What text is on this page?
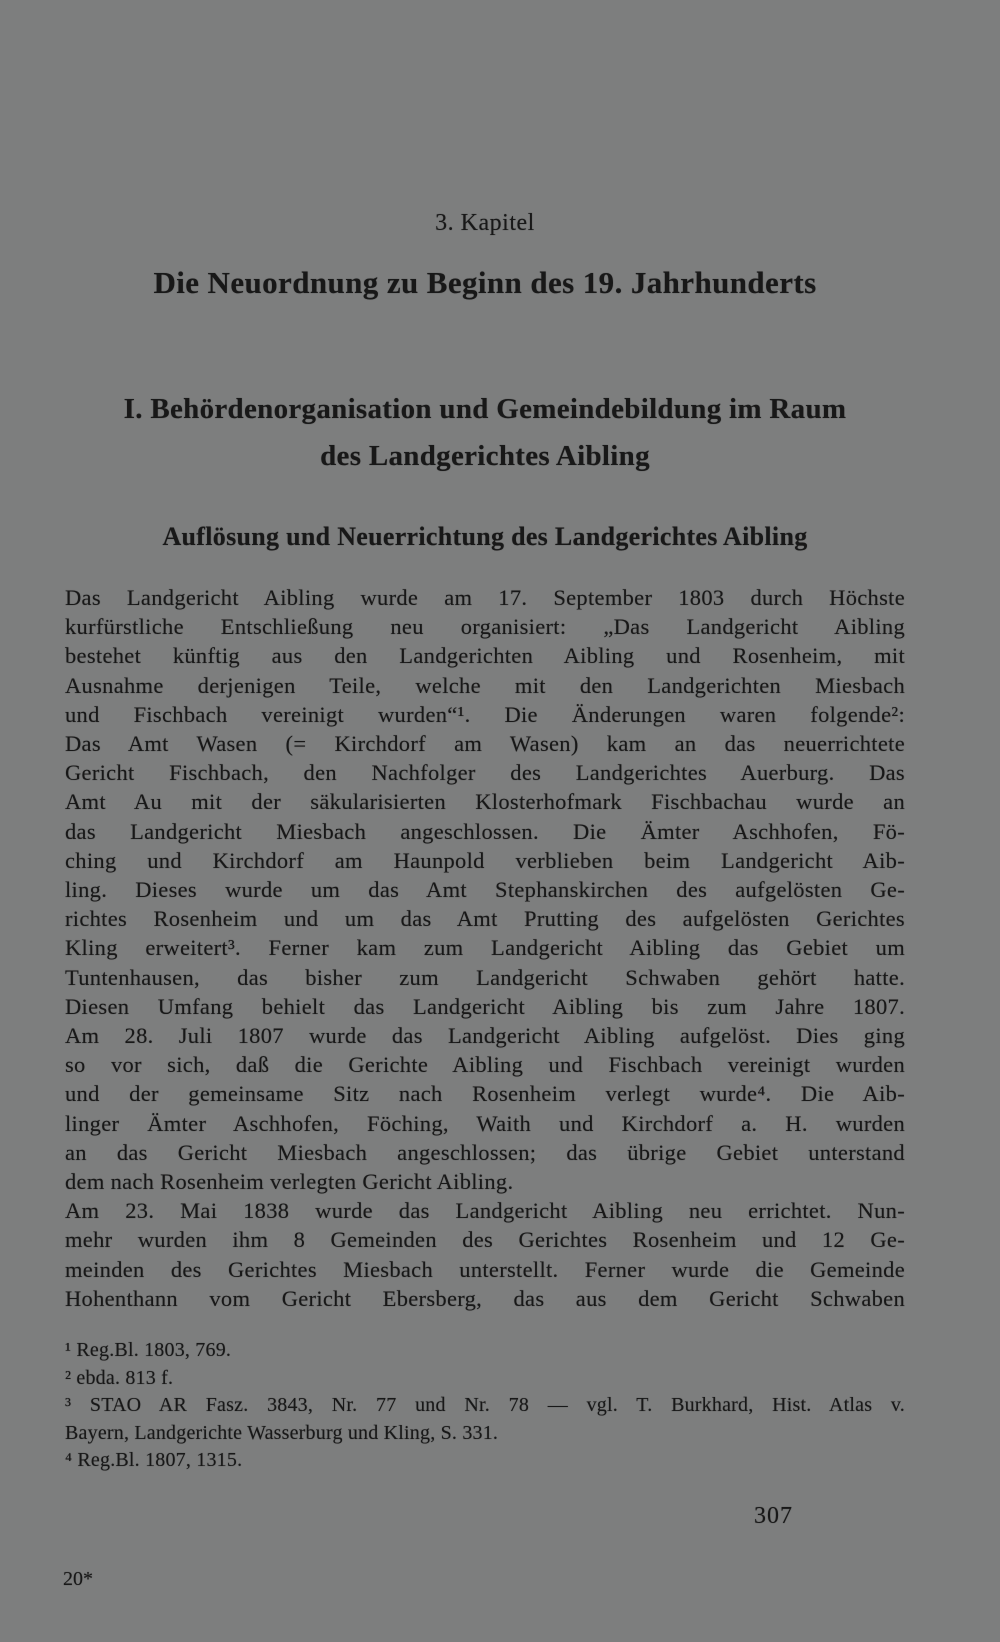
3. Kapitel
Die Neuordnung zu Beginn des 19. Jahrhunderts
I. Behördenorganisation und Gemeindebildung im Raum
des Landgerichtes Aibling
Auflösung und Neuerrichtung des Landgerichtes Aibling
Das Landgericht Aibling wurde am 17. September 1803 durch Höchste
kurfürstliche Entschließung neu organisiert: „Das Landgericht Aibling
bestehet künftig aus den Landgerichten Aibling und Rosenheim, mit
Ausnahme derjenigen Teile, welche mit den Landgerichten Miesbach
und Fischbach vereinigt wurden“¹. Die Änderungen waren folgende²:
Das Amt Wasen (= Kirchdorf am Wasen) kam an das neuerrichtete
Gericht Fischbach, den Nachfolger des Landgerichtes Auerburg. Das
Amt Au mit der säkularisierten Klosterhofmark Fischbachau wurde an
das Landgericht Miesbach angeschlossen. Die Ämter Aschhofen, Fö-
ching und Kirchdorf am Haunpold verblieben beim Landgericht Aib-
ling. Dieses wurde um das Amt Stephanskirchen des aufgelösten Ge-
richtes Rosenheim und um das Amt Prutting des aufgelösten Gerichtes
Kling erweitert³. Ferner kam zum Landgericht Aibling das Gebiet um
Tuntenhausen, das bisher zum Landgericht Schwaben gehört hatte.
Diesen Umfang behielt das Landgericht Aibling bis zum Jahre 1807.
Am 28. Juli 1807 wurde das Landgericht Aibling aufgelöst. Dies ging
so vor sich, daß die Gerichte Aibling und Fischbach vereinigt wurden
und der gemeinsame Sitz nach Rosenheim verlegt wurde⁴. Die Aib-
linger Ämter Aschhofen, Föching, Waith und Kirchdorf a. H. wurden
an das Gericht Miesbach angeschlossen; das übrige Gebiet unterstand
dem nach Rosenheim verlegten Gericht Aibling.
Am 23. Mai 1838 wurde das Landgericht Aibling neu errichtet. Nun-
mehr wurden ihm 8 Gemeinden des Gerichtes Rosenheim und 12 Ge-
meinden des Gerichtes Miesbach unterstellt. Ferner wurde die Gemeinde
Hohenthann vom Gericht Ebersberg, das aus dem Gericht Schwaben
¹ Reg.Bl. 1803, 769.
² ebda. 813 f.
³ STAO AR Fasz. 3843, Nr. 77 und Nr. 78 — vgl. T. Burkhard, Hist. Atlas v.
Bayern, Landgerichte Wasserburg und Kling, S. 331.
⁴ Reg.Bl. 1807, 1315.
307
20*
